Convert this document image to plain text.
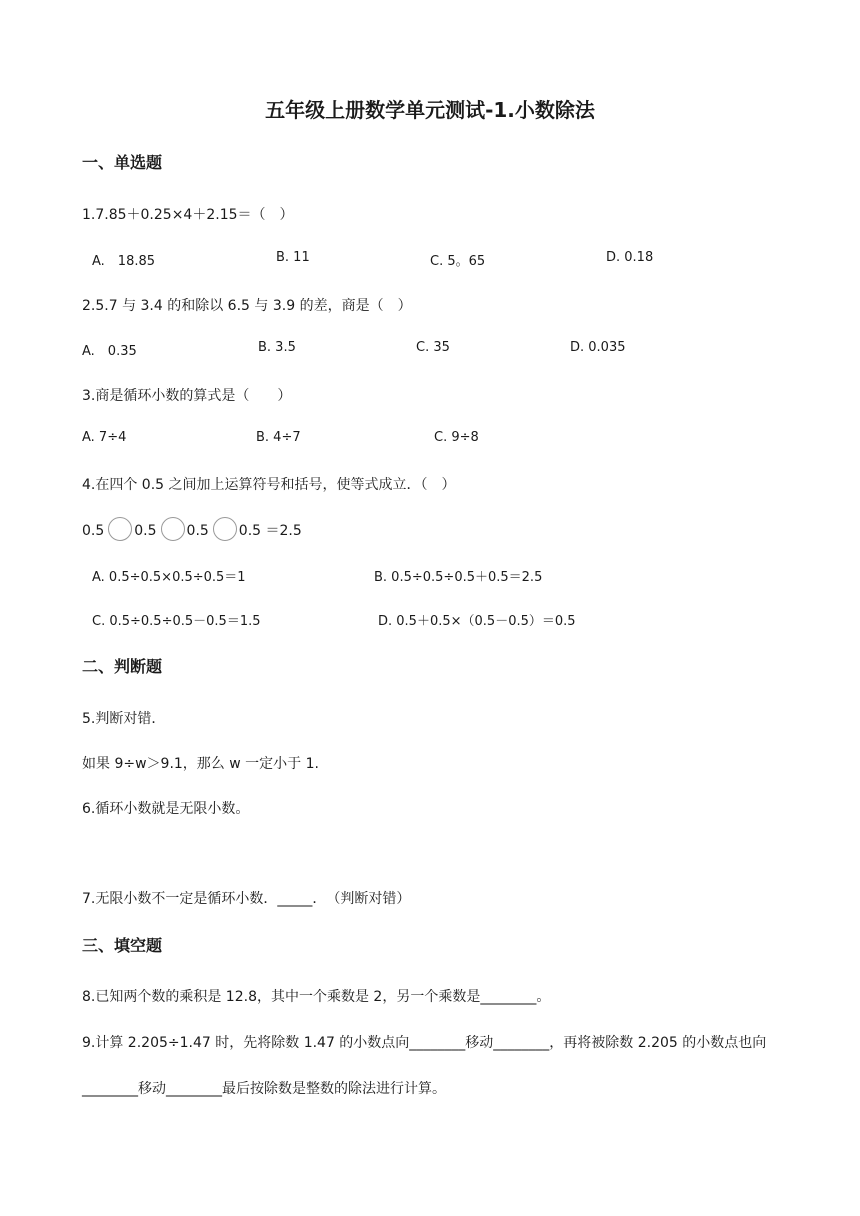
五年级上册数学单元测试-1.小数除法
一、单选题
1.7.85＋0.25×4＋2.15＝（　）
A.　18.85	B. 11	C. 5。65	D. 0.18
2.5.7 与 3.4 的和除以 6.5 与 3.9 的差，商是（　）
A.　0.35	B. 3.5	C. 35	D. 0.035
3.商是循环小数的算式是（　　）
A. 7÷4	B. 4÷7	C. 9÷8
4.在四个 0.5 之间加上运算符号和括号，使等式成立．（　）
0.5 0.5 0.5 0.5 ＝2.5
A. 0.5÷0.5×0.5÷0.5＝1	B. 0.5÷0.5÷0.5＋0.5＝2.5
C. 0.5÷0.5÷0.5－0.5＝1.5	D. 0.5＋0.5×（0.5－0.5）＝0.5
二、判断题
5.判断对错．
如果 9÷w＞9.1，那么 w 一定小于 1.
6.循环小数就是无限小数。
7.无限小数不一定是循环小数．_____．　（判断对错）
三、填空题
8.已知两个数的乘积是 12.8，其中一个乘数是 2，另一个乘数是________。
9.计算 2.205÷1.47 时，先将除数 1.47 的小数点向________移动________，再将被除数 2.205 的小数点也向
________移动________最后按除数是整数的除法进行计算。
